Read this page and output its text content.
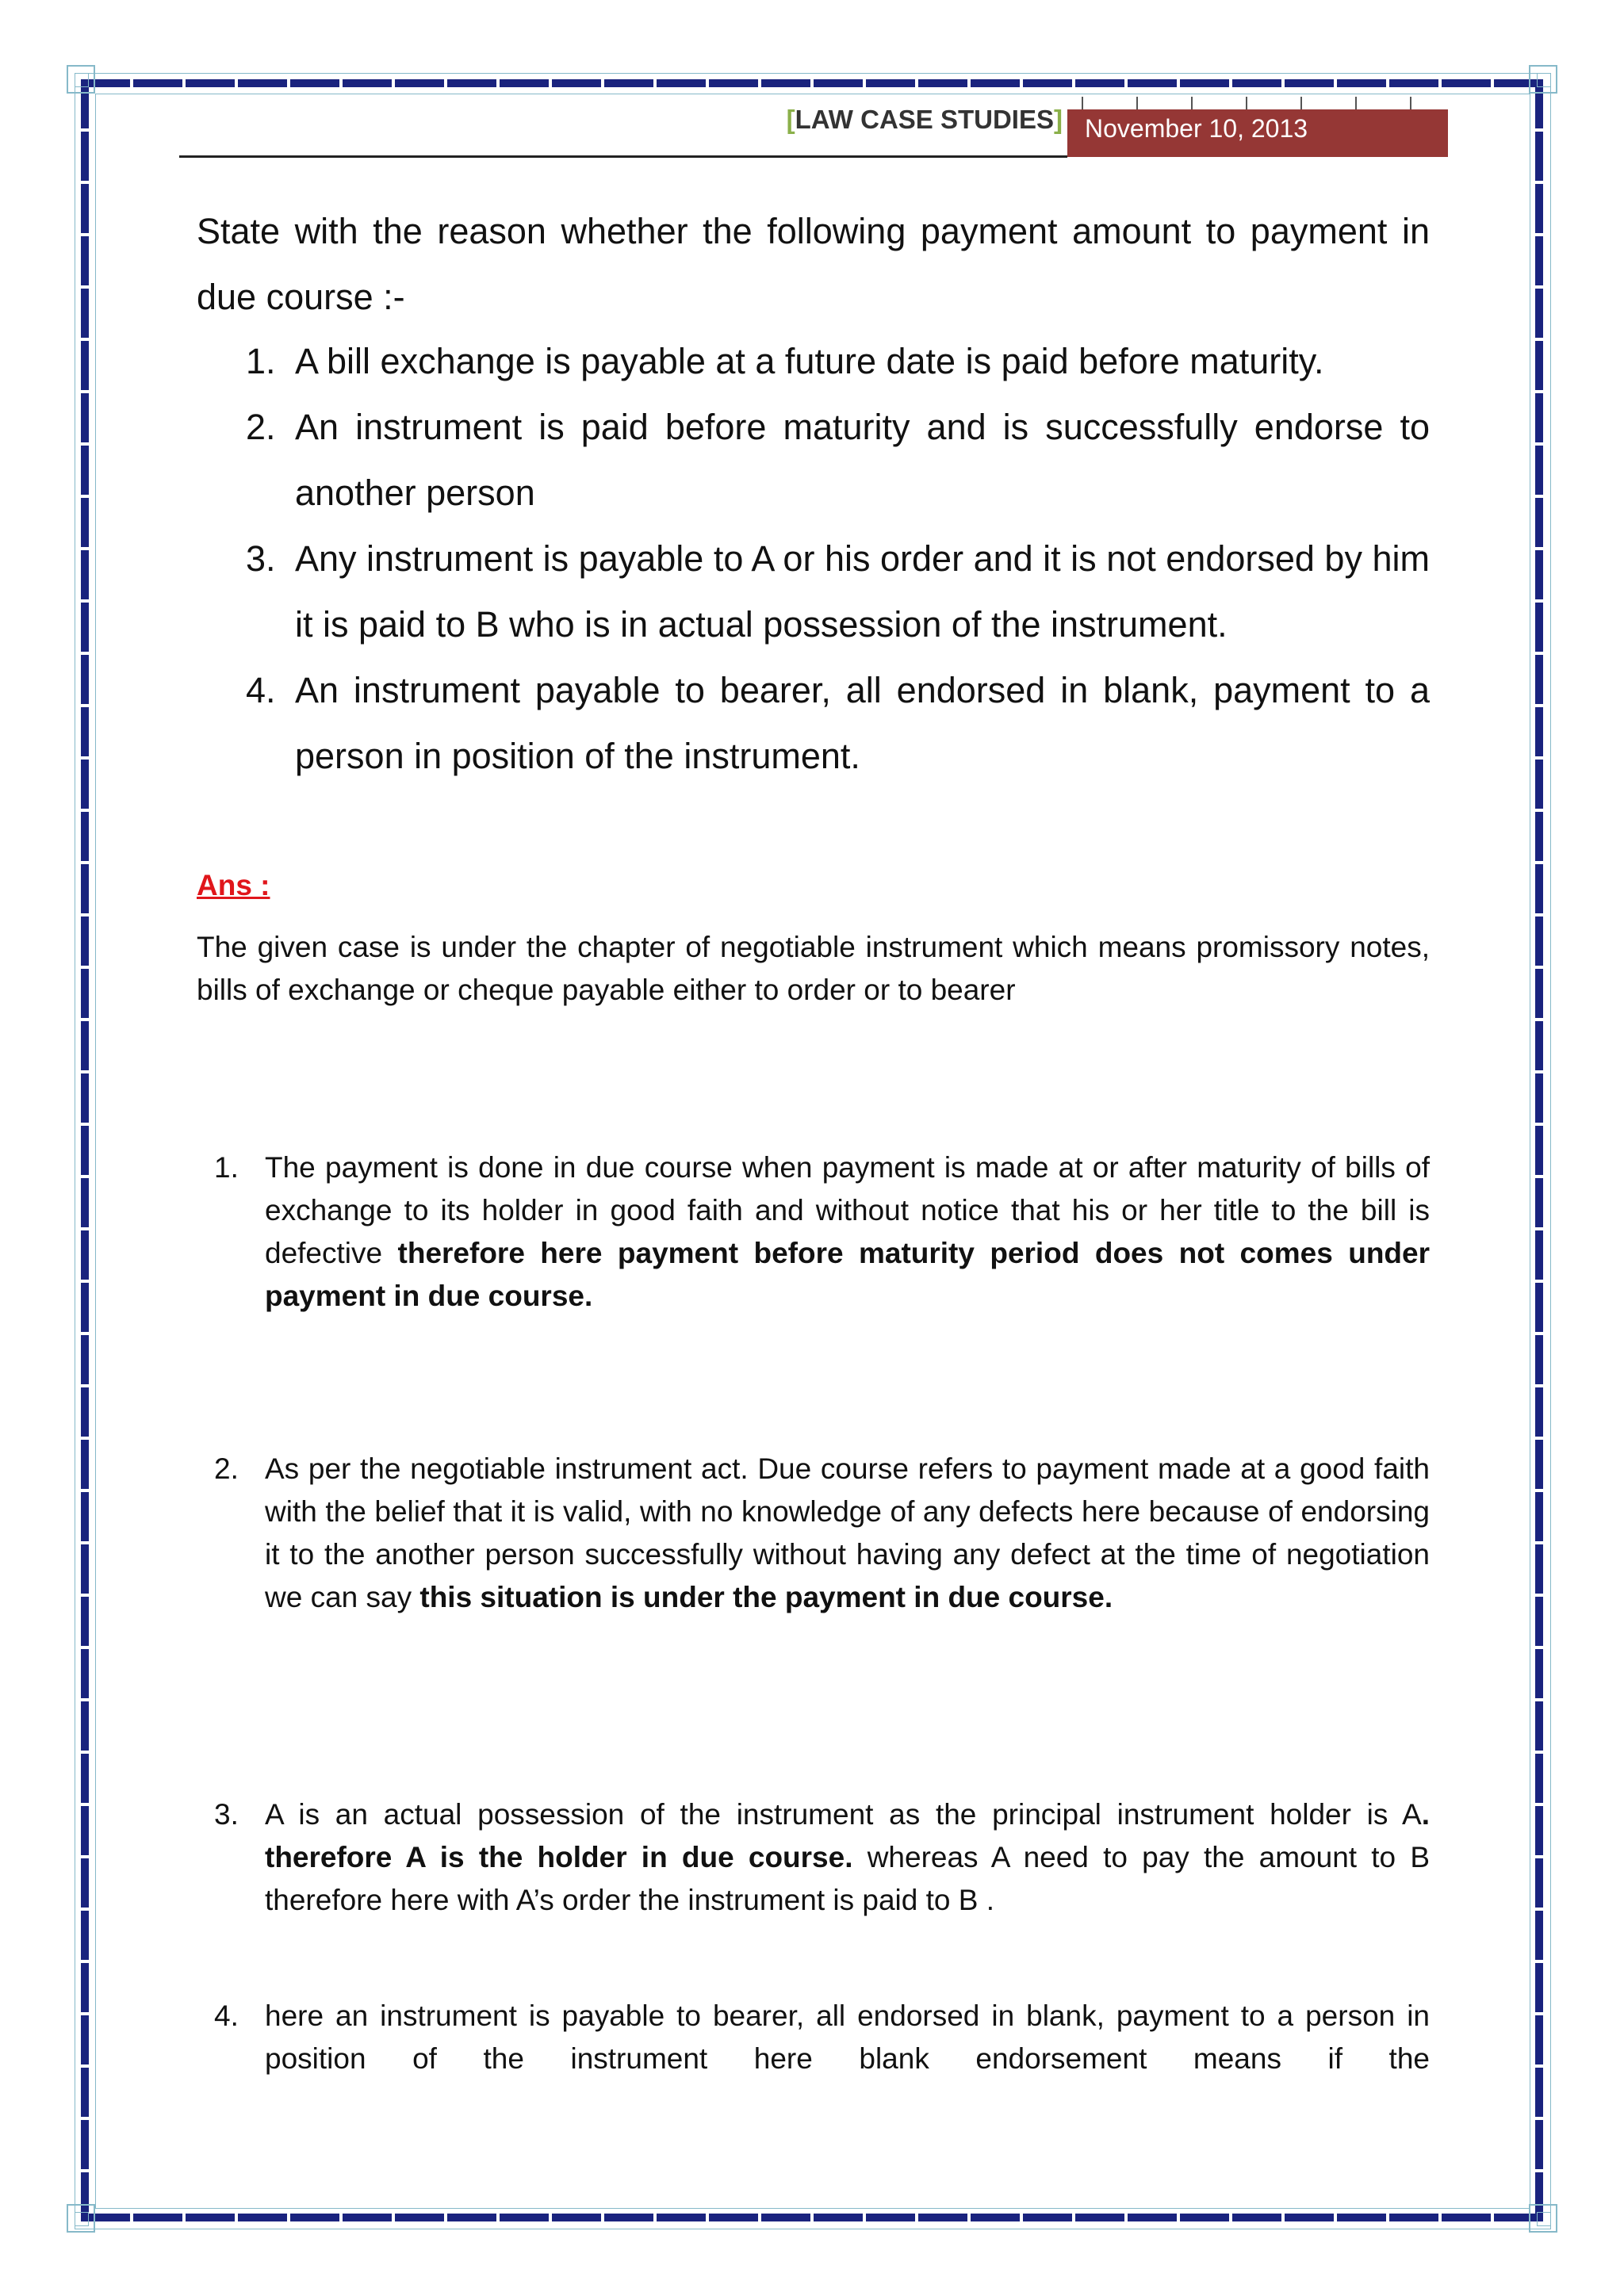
[LAW CASE STUDIES] November 10, 2013
State with the reason whether the following payment amount to payment in due course :-
1. A bill exchange is payable at a future date is paid before maturity.
2. An instrument is paid before maturity and is successfully endorse to another person
3. Any instrument is payable to A or his order and it is not endorsed by him it is paid to B who is in actual possession of the instrument.
4. An instrument payable to bearer, all endorsed in blank, payment to a person in position of the instrument.
Ans :
The given case is under the chapter of negotiable instrument which means promissory notes, bills of exchange or cheque payable either to order or to bearer
1. The payment is done in due course when payment is made at or after maturity of bills of exchange to its holder in good faith and without notice that his or her title to the bill is defective therefore here payment before maturity period does not comes under payment in due course.
2. As per the negotiable instrument act. Due course refers to payment made at a good faith with the belief that it is valid, with no knowledge of any defects here because of endorsing it to the another person successfully without having any defect at the time of negotiation we can say this situation is under the payment in due course.
3. A is an actual possession of the instrument as the principal instrument holder is A. therefore A is the holder in due course. whereas A need to pay the amount to B therefore here with A’s order the instrument is paid to B .
4. here an instrument is payable to bearer, all endorsed in blank, payment to a person in position of the instrument here blank endorsement means if the
